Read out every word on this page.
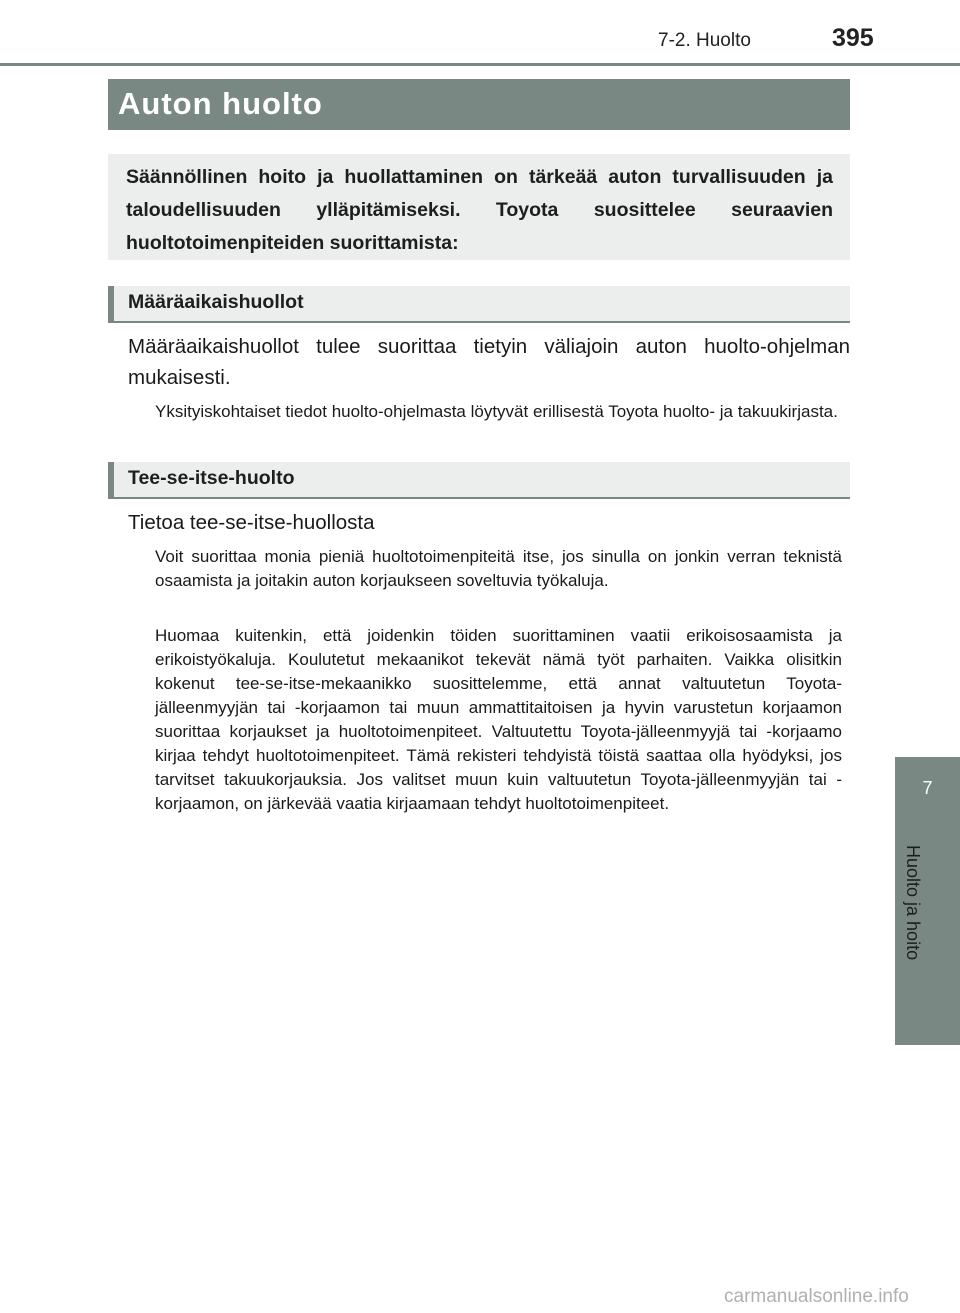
7-2. Huolto	395
Auton huolto

Säännöllinen hoito ja huollattaminen on tärkeää auton turvallisuuden ja taloudellisuuden ylläpitämiseksi. Toyota suosittelee seuraavien huoltotoimenpiteiden suorittamista:

Määräaikaishuollot

Määräaikaishuollot tulee suorittaa tietyin väliajoin auton huolto-ohjelman mukaisesti.

Yksityiskohtaiset tiedot huolto-ohjelmasta löytyvät erillisestä Toyota huolto- ja takuukirjasta.

Tee-se-itse-huolto

Tietoa tee-se-itse-huollosta

Voit suorittaa monia pieniä huoltotoimenpiteitä itse, jos sinulla on jonkin verran teknistä osaamista ja joitakin auton korjaukseen soveltuvia työkaluja.

Huomaa kuitenkin, että joidenkin töiden suorittaminen vaatii erikoisosaamista ja erikoistyökaluja. Koulutetut mekaanikot tekevät nämä työt parhaiten. Vaikka olisitkin kokenut tee-se-itse-mekaanikko suosittelemme, että annat valtuutetun Toyota-jälleenmyyjän tai -korjaamon tai muun ammattitaitoisen ja hyvin varustetun korjaamon suorittaa korjaukset ja huoltotoimenpiteet. Valtuutettu Toyota-jälleenmyyjä tai -korjaamo kirjaa tehdyt huoltotoimenpiteet. Tämä rekisteri tehdyistä töistä saattaa olla hyödyksi, jos tarvitset takuukorjauksia. Jos valitset muun kuin valtuutetun Toyota-jälleenmyyjän tai -korjaamon, on järkevää vaatia kirjaamaan tehdyt huoltotoimenpiteet.

7
Huolto ja hoito
carmanualsonline.info
